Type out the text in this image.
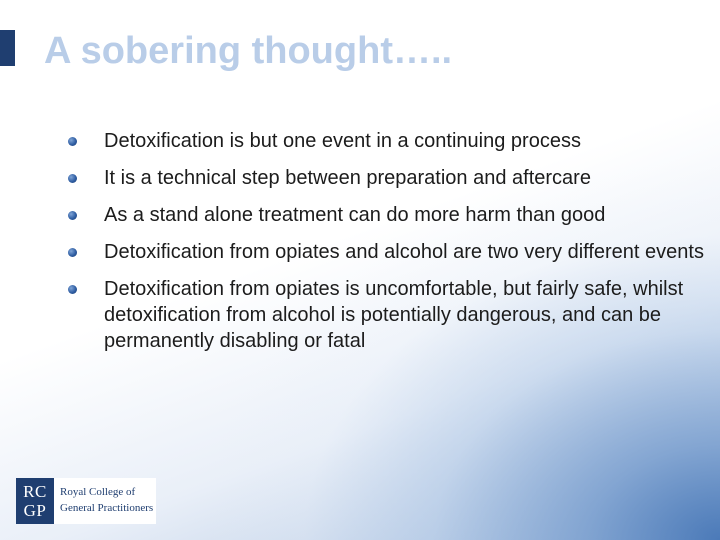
A sobering thought…..
Detoxification is but one event in a continuing process
It is a technical step between preparation and aftercare
As a stand alone treatment can do more harm than good
Detoxification from opiates and alcohol are two very different events
Detoxification from opiates is uncomfortable, but fairly safe, whilst detoxification from alcohol is potentially dangerous, and can be permanently disabling or fatal
RC
GP
Royal College of
General Practitioners
